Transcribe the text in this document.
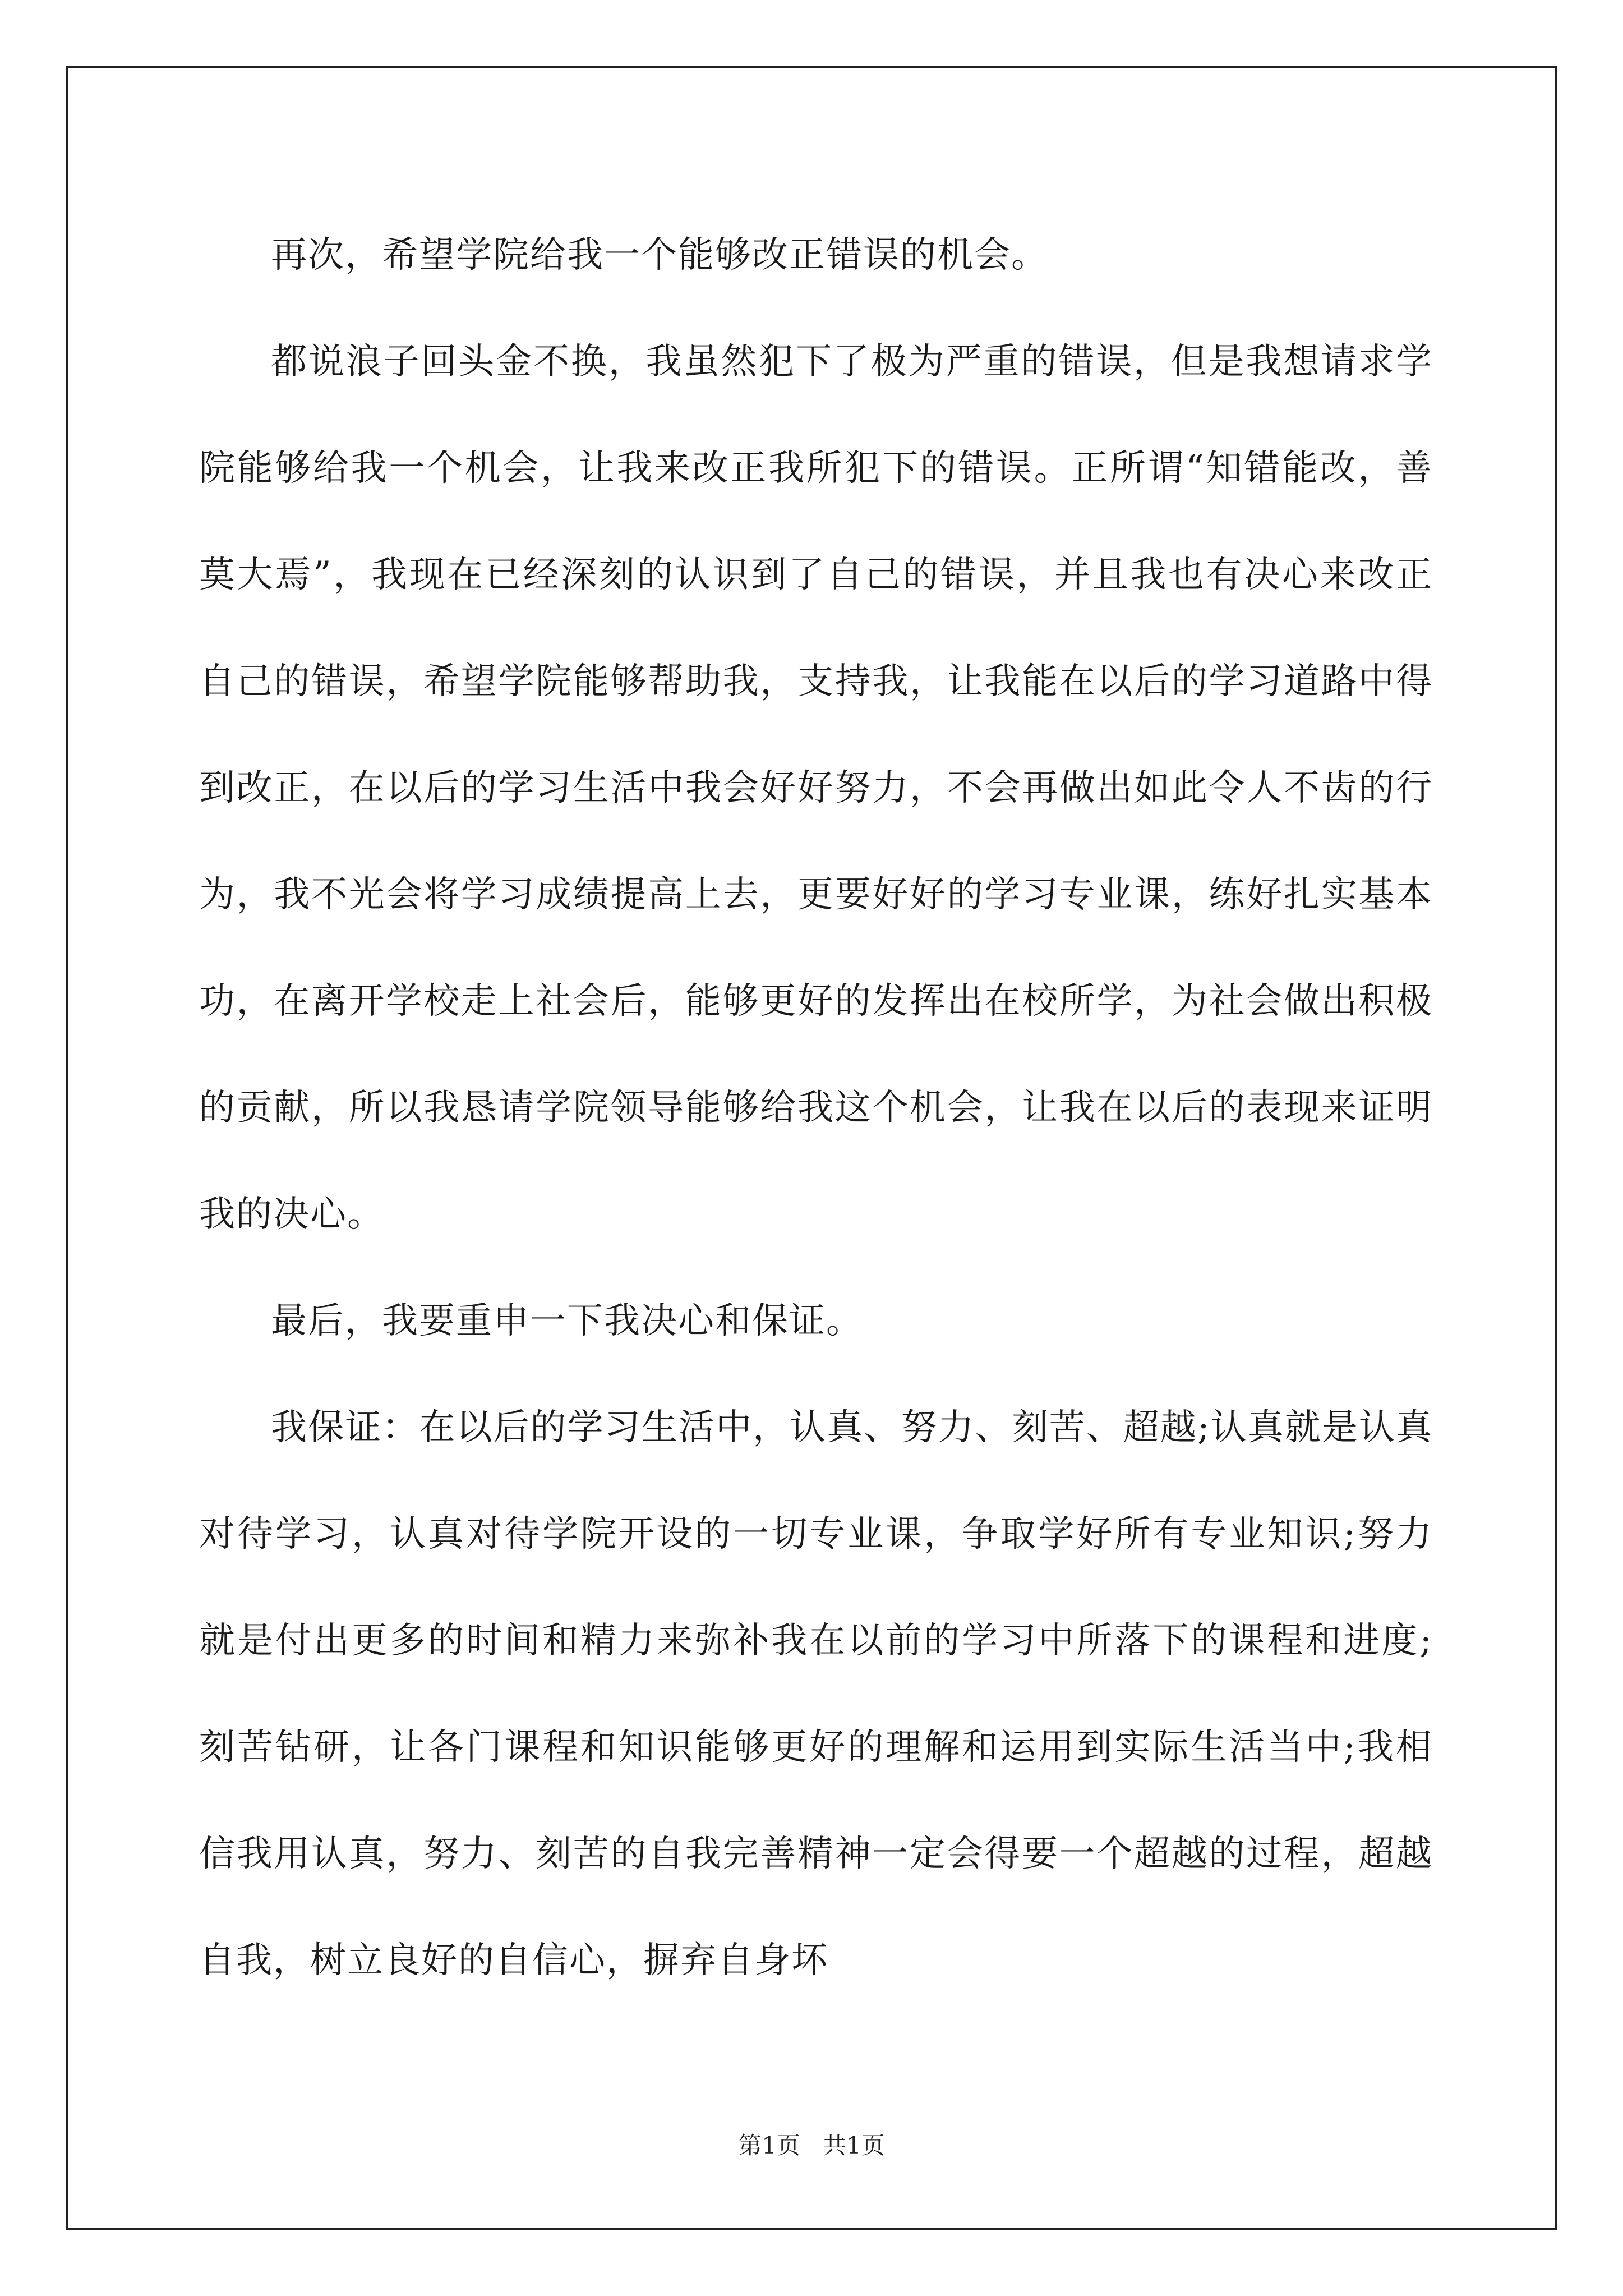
再次，希望学院给我一个能够改正错误的机会。

都说浪子回头金不换，我虽然犯下了极为严重的错误，但是我想请求学院能够给我一个机会，让我来改正我所犯下的错误。正所谓“知错能改，善莫大焉”，我现在已经深刻的认识到了自己的错误，并且我也有决心来改正自己的错误，希望学院能够帮助我，支持我，让我能在以后的学习道路中得到改正，在以后的学习生活中我会好好努力，不会再做出如此令人不齿的行为，我不光会将学习成绩提高上去，更要好好的学习专业课，练好扎实基本功，在离开学校走上社会后，能够更好的发挥出在校所学，为社会做出积极的贡献，所以我恳请学院领导能够给我这个机会，让我在以后的表现来证明我的决心。

最后，我要重申一下我决心和保证。

我保证：在以后的学习生活中，认真、努力、刻苦、超越;认真就是认真对待学习，认真对待学院开设的一切专业课，争取学好所有专业知识;努力就是付出更多的时间和精力来弥补我在以前的学习中所落下的课程和进度;刻苦钻研，让各门课程和知识能够更好的理解和运用到实际生活当中;我相信我用认真，努力、刻苦的自我完善精神一定会得要一个超越的过程，超越自我，树立良好的自信心，摒弃自身坏

第1页 共1页
